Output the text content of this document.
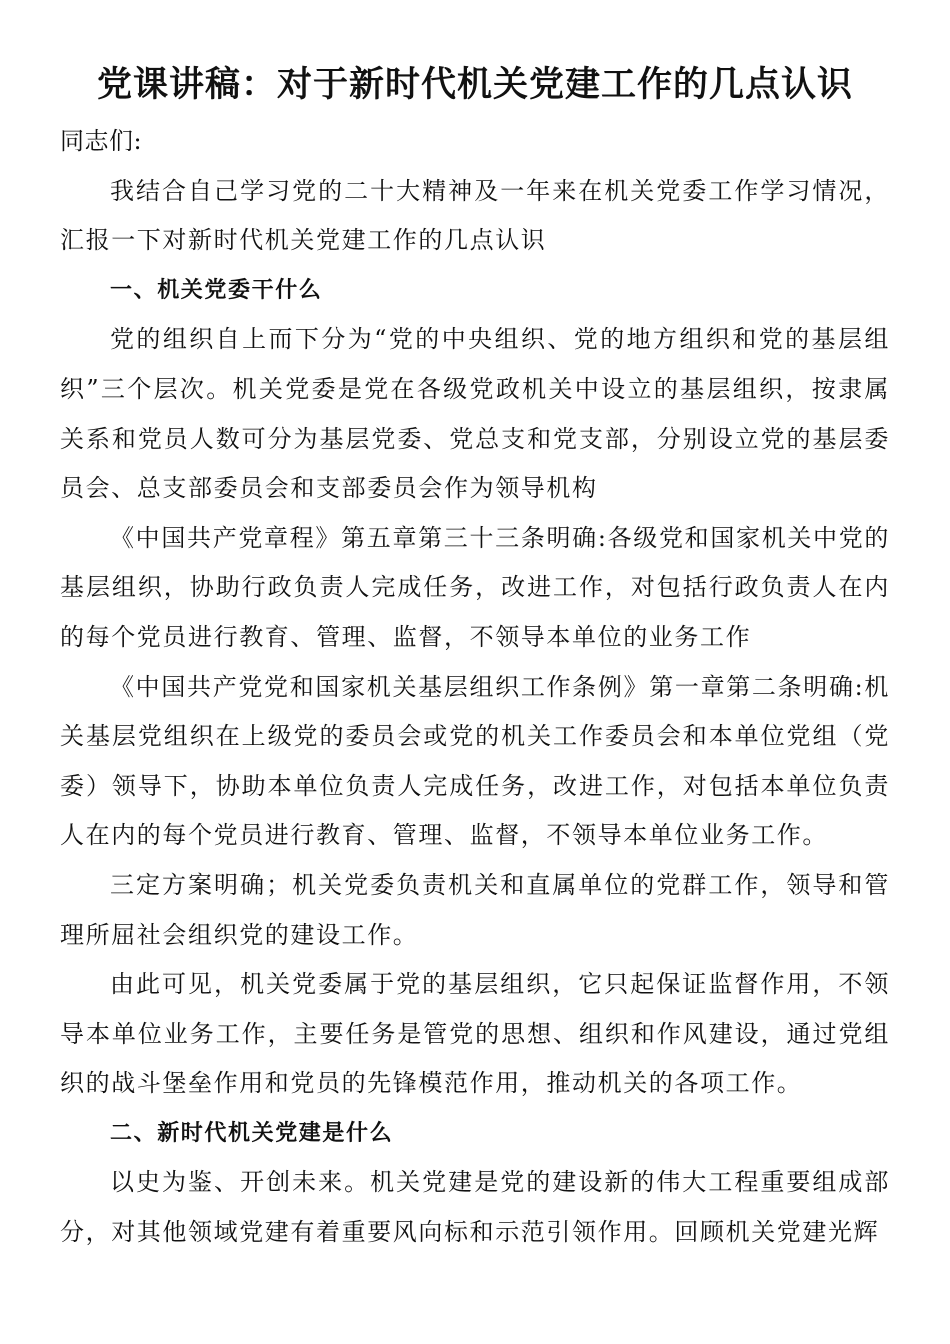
党课讲稿：对于新时代机关党建工作的几点认识

同志们:

我结合自己学习党的二十大精神及一年来在机关党委工作学习情况，汇报一下对新时代机关党建工作的几点认识

一、机关党委干什么

党的组织自上而下分为“党的中央组织、党的地方组织和党的基层组织”三个层次。机关党委是党在各级党政机关中设立的基层组织，按隶属关系和党员人数可分为基层党委、党总支和党支部，分别设立党的基层委员会、总支部委员会和支部委员会作为领导机构

《中国共产党章程》第五章第三十三条明确:各级党和国家机关中党的基层组织，协助行政负责人完成任务，改进工作，对包括行政负责人在内的每个党员进行教育、管理、监督，不领导本单位的业务工作

《中国共产党党和国家机关基层组织工作条例》第一章第二条明确:机关基层党组织在上级党的委员会或党的机关工作委员会和本单位党组（党委）领导下，协助本单位负责人完成任务，改进工作，对包括本单位负责人在内的每个党员进行教育、管理、监督，不领导本单位业务工作。

三定方案明确；机关党委负责机关和直属单位的党群工作，领导和管理所屈社会组织党的建设工作。

由此可见，机关党委属于党的基层组织，它只起保证监督作用，不领导本单位业务工作，主要任务是管党的思想、组织和作风建设，通过党组织的战斗堡垒作用和党员的先锋模范作用，推动机关的各项工作。

二、新时代机关党建是什么

以史为鉴、开创未来。机关党建是党的建设新的伟大工程重要组成部分，对其他领域党建有着重要风向标和示范引领作用。回顾机关党建光辉
